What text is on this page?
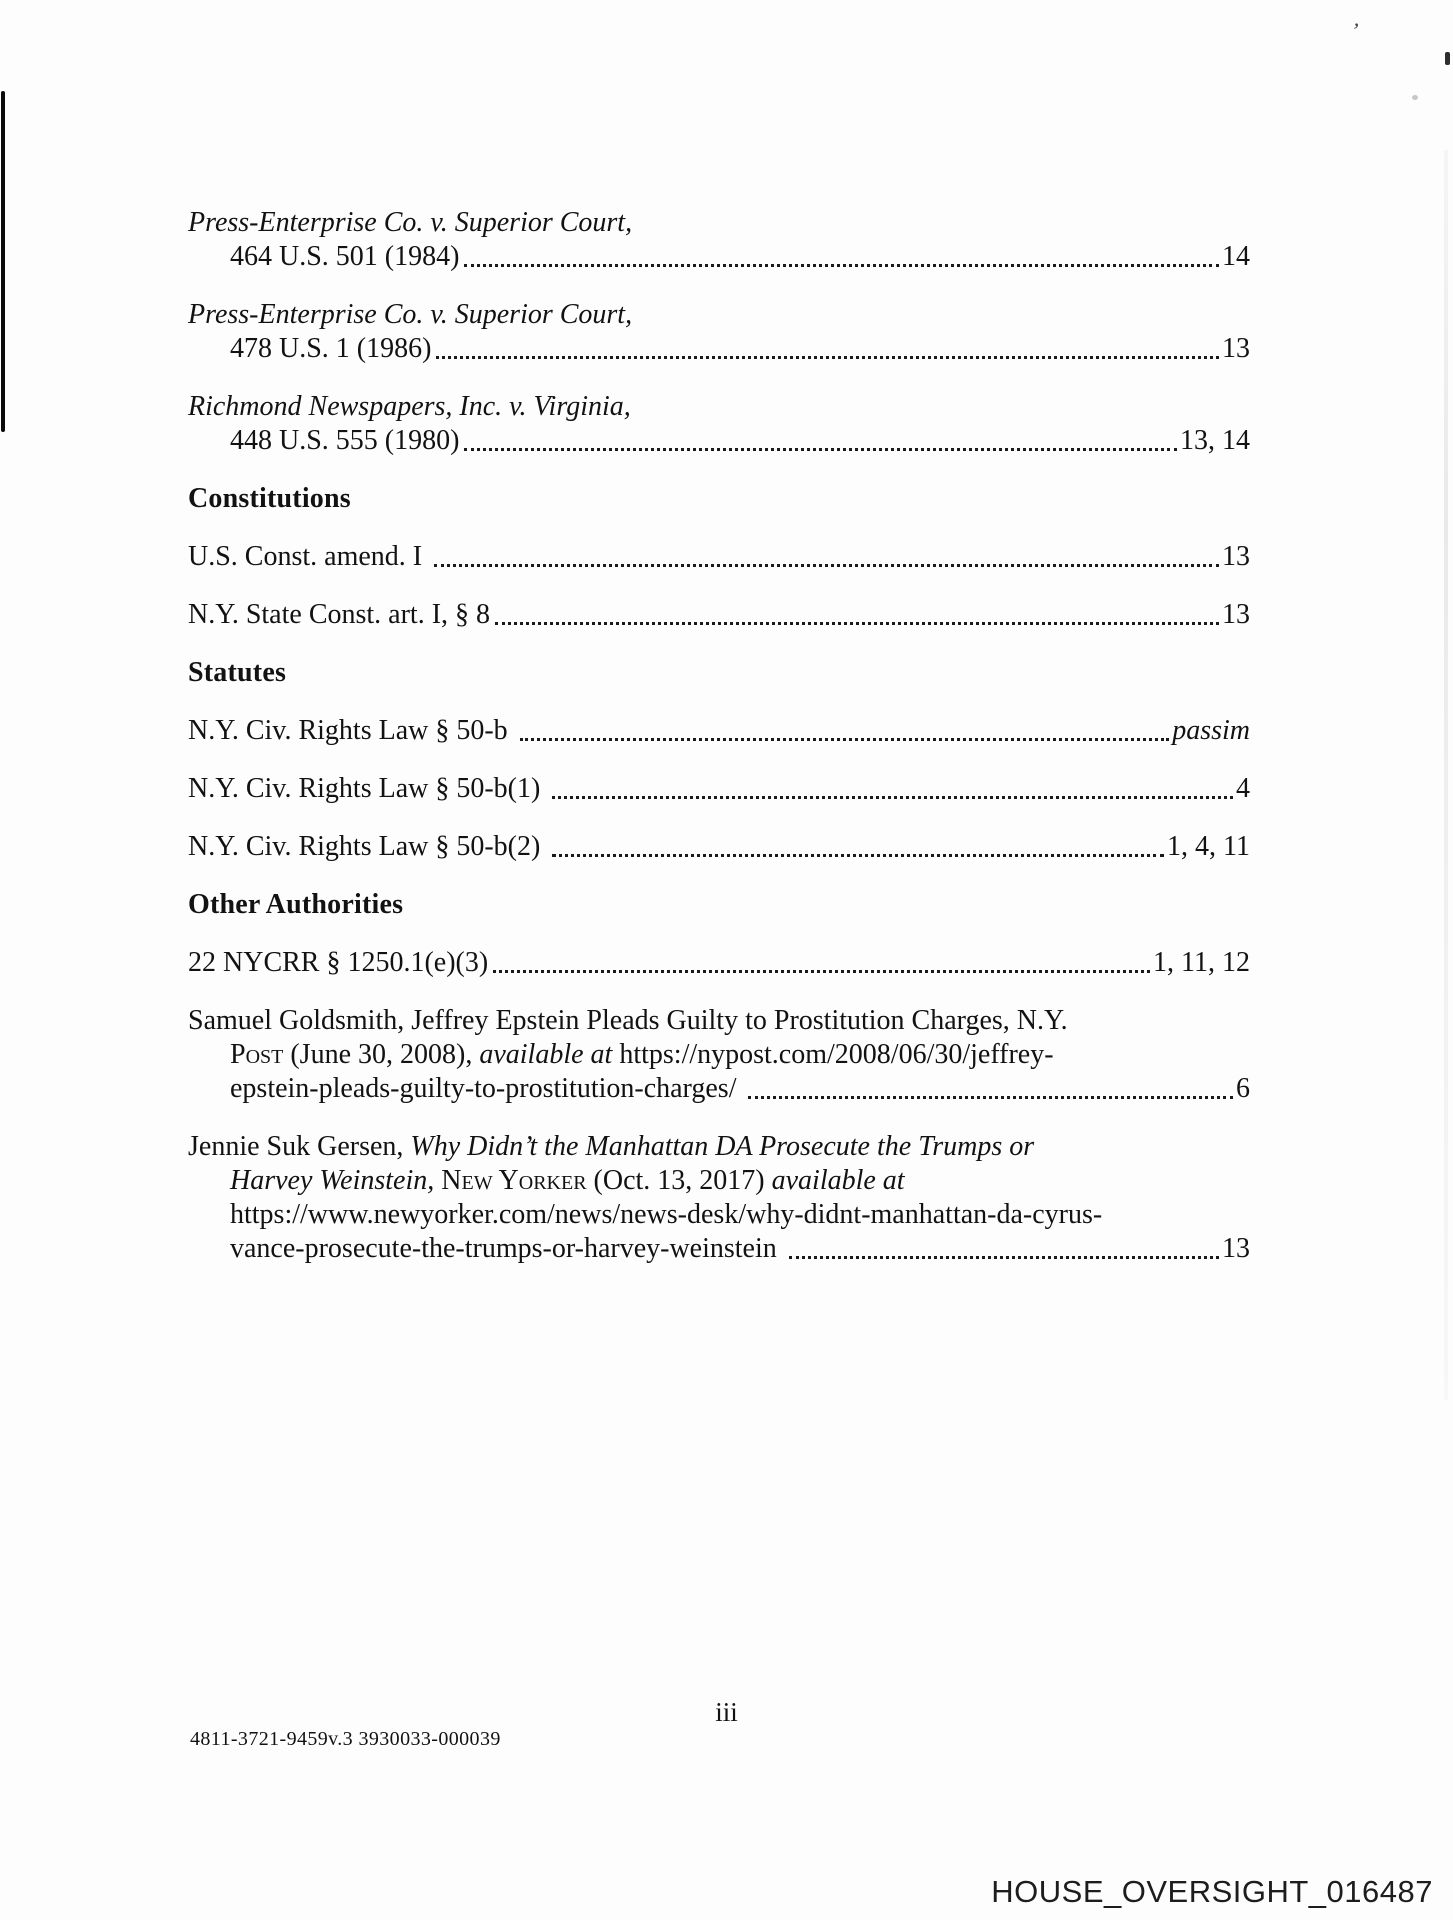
’
Press-Enterprise Co. v. Superior Court,
464 U.S. 501 (1984)	14
Press-Enterprise Co. v. Superior Court,
478 U.S. 1 (1986)	13
Richmond Newspapers, Inc. v. Virginia,
448 U.S. 555 (1980)	13, 14
Constitutions
U.S. Const. amend. I	13
N.Y. State Const. art. I, § 8	13
Statutes
N.Y. Civ. Rights Law § 50-b	passim
N.Y. Civ. Rights Law § 50-b(1)	4
N.Y. Civ. Rights Law § 50-b(2)	1, 4, 11
Other Authorities
22 NYCRR § 1250.1(e)(3)	1, 11, 12
Samuel Goldsmith, Jeffrey Epstein Pleads Guilty to Prostitution Charges, N.Y.
Post (June 30, 2008), available at https://nypost.com/2008/06/30/jeffrey-
epstein-pleads-guilty-to-prostitution-charges/	6
Jennie Suk Gersen, Why Didn’t the Manhattan DA Prosecute the Trumps or
Harvey Weinstein, New Yorker (Oct. 13, 2017) available at
https://www.newyorker.com/news/news-desk/why-didnt-manhattan-da-cyrus-
vance-prosecute-the-trumps-or-harvey-weinstein	13
iii
4811-3721-9459v.3 3930033-000039
HOUSE_OVERSIGHT_016487
